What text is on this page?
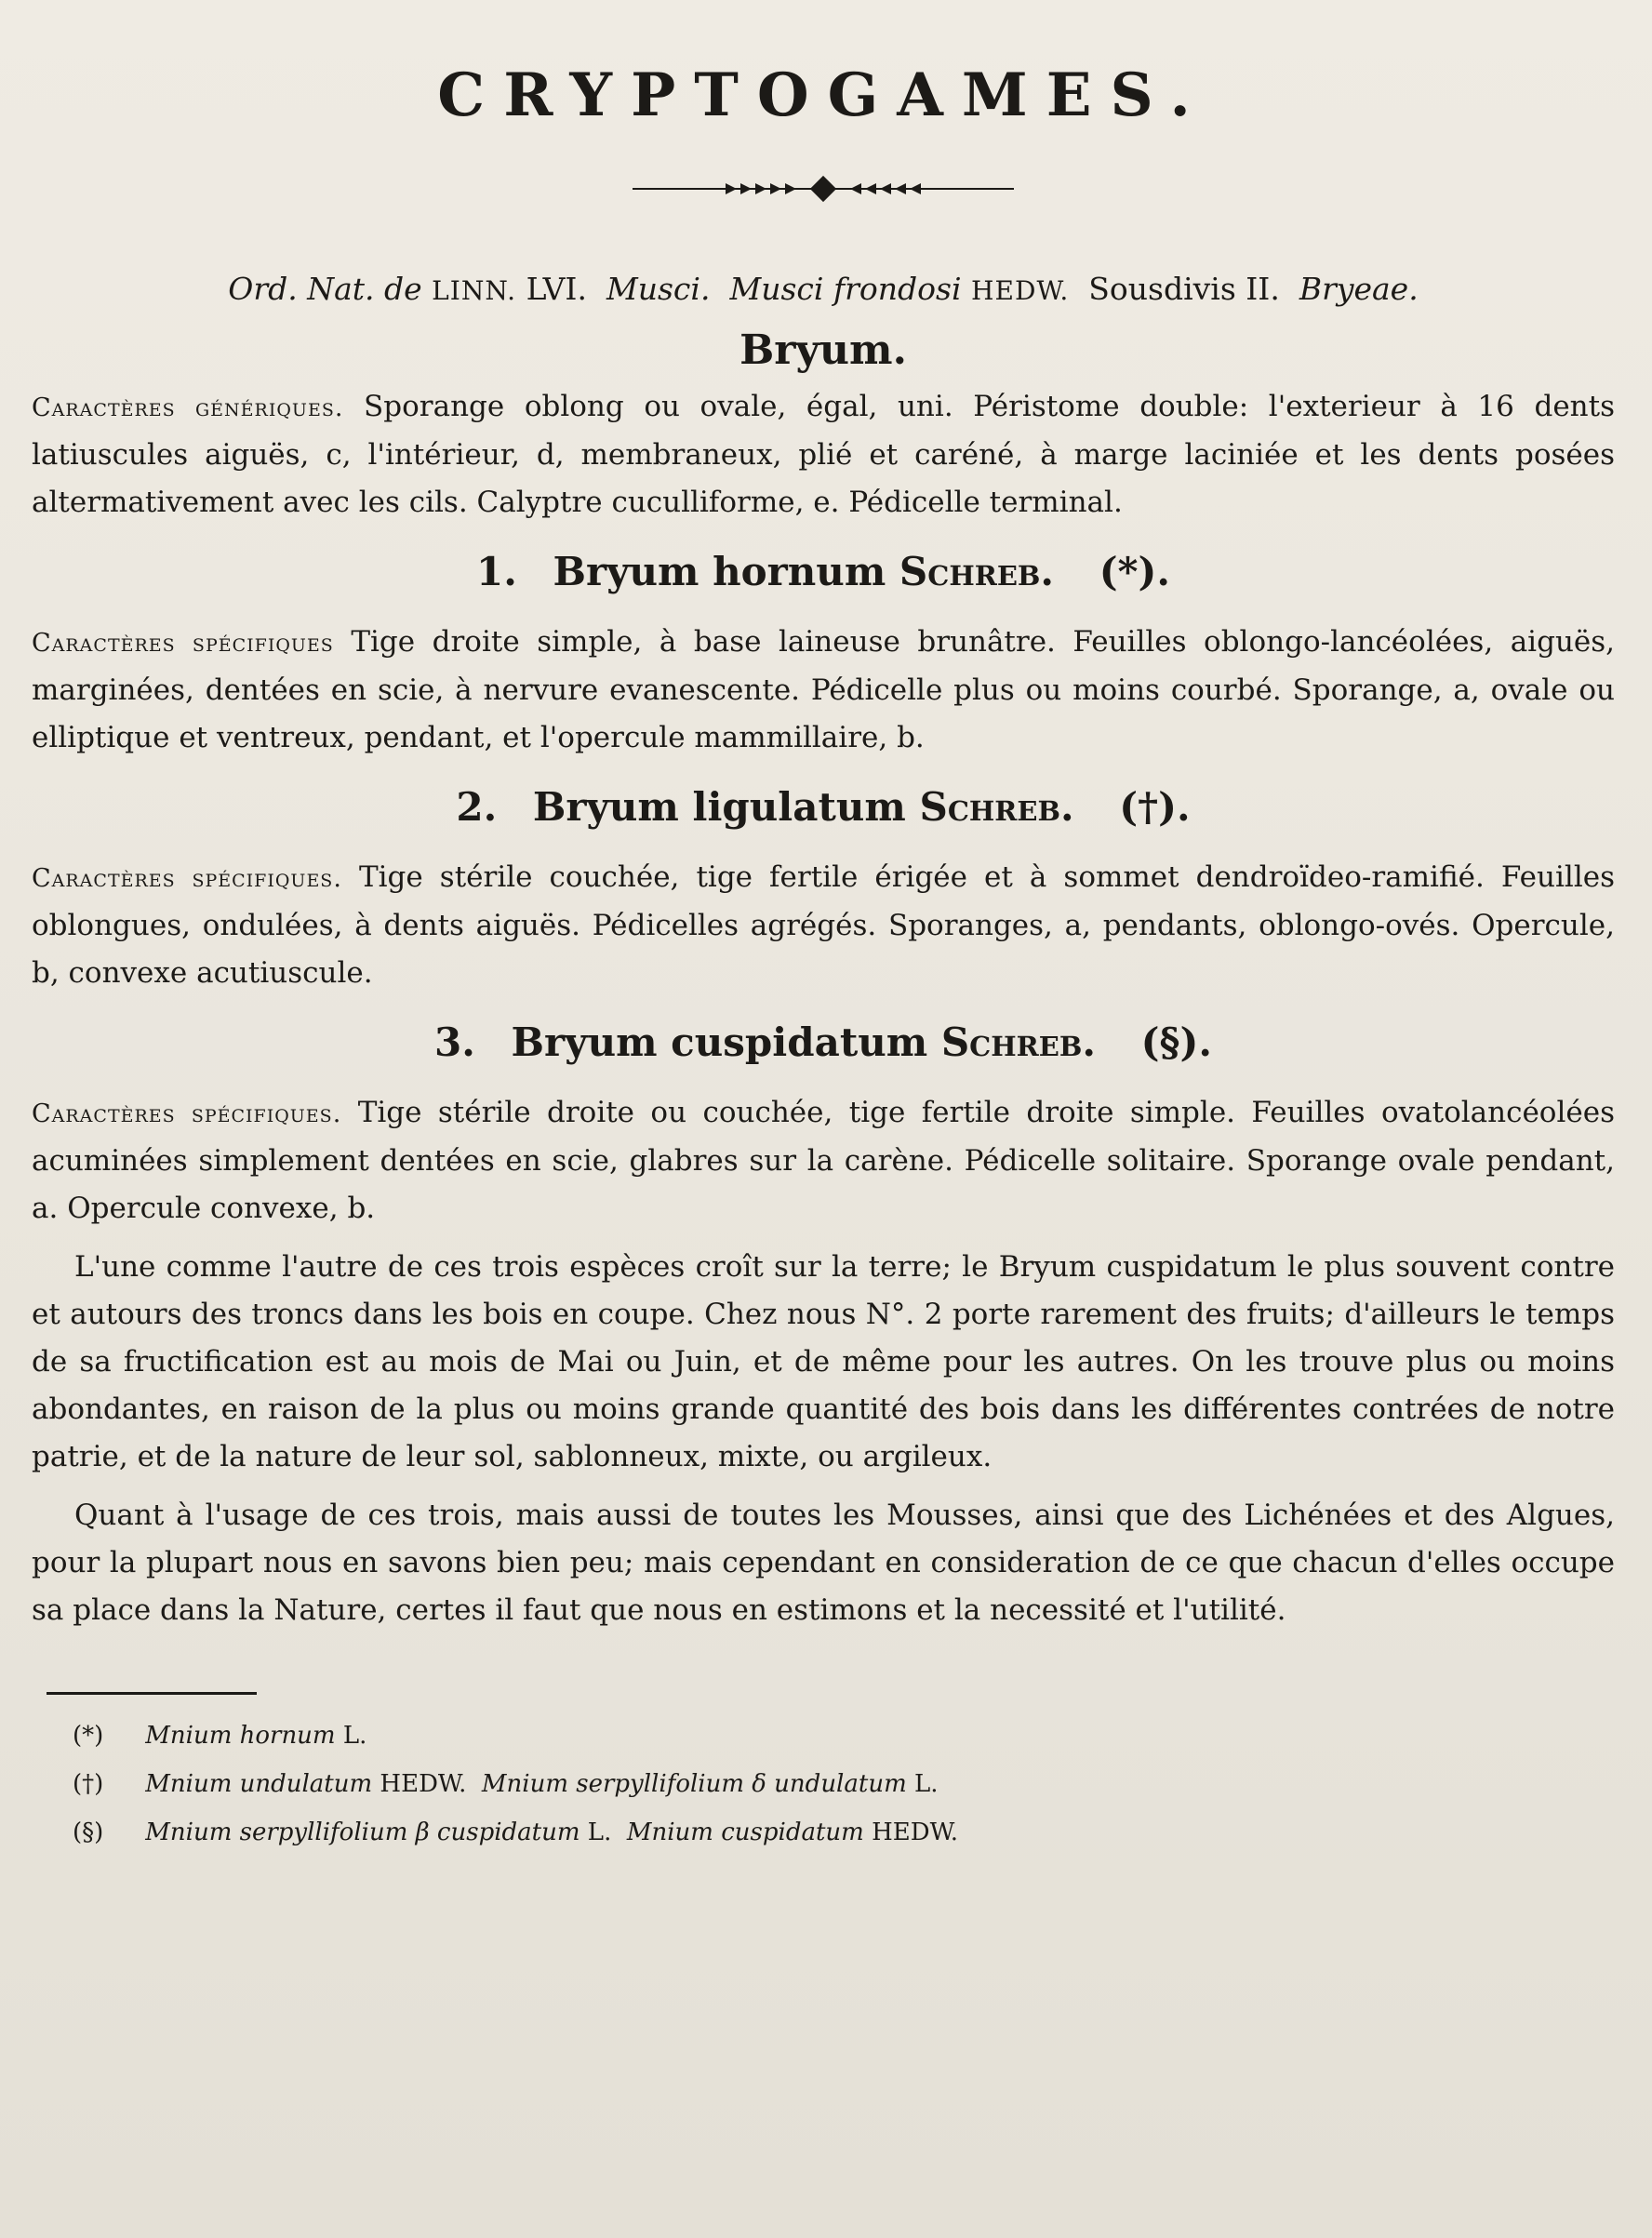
CRYPTOGAMES.
Ord. Nat. de LINN. LVI. Musci. Musci frondosi HEDW. Sousdivis II. Bryeae.
Bryum.

Caractères génériques. Sporange oblong ou ovale, égal, uni. Péristome double: l'exterieur à 16 dents latiuscules aiguës, c, l'intérieur, d, membraneux, plié et caréné, à marge laciniée et les dents posées altermativement avec les cils. Calyptre cuculliforme, e. Pédicelle terminal.

1. Bryum hornum Schreb. (*).

Caractères spécifiques Tige droite simple, à base laineuse brunâtre. Feuilles oblongo-lancéolées, aiguës, marginées, dentées en scie, à nervure evanescente. Pédicelle plus ou moins courbé. Sporange, a, ovale ou elliptique et ventreux, pendant, et l'opercule mammillaire, b.

2. Bryum ligulatum Schreb. (†).

Caractères spécifiques. Tige stérile couchée, tige fertile érigée et à sommet dendroïdeo-ramifié. Feuilles oblongues, ondulées, à dents aiguës. Pédicelles agrégés. Sporanges, a, pendants, oblongo-ovés. Opercule, b, convexe acutiuscule.

3. Bryum cuspidatum Schreb. (§).

Caractères spécifiques. Tige stérile droite ou couchée, tige fertile droite simple. Feuilles ovatolancéolées acuminées simplement dentées en scie, glabres sur la carène. Pédicelle solitaire. Sporange ovale pendant, a. Opercule convexe, b.

L'une comme l'autre de ces trois espèces croît sur la terre; le Bryum cuspidatum le plus souvent contre et autours des troncs dans les bois en coupe. Chez nous N°. 2 porte rarement des fruits; d'ailleurs le temps de sa fructification est au mois de Mai ou Juin, et de même pour les autres. On les trouve plus ou moins abondantes, en raison de la plus ou moins grande quantité des bois dans les différentes contrées de notre patrie, et de la nature de leur sol, sablonneux, mixte, ou argileux.

Quant à l'usage de ces trois, mais aussi de toutes les Mousses, ainsi que des Lichénées et des Algues, pour la plupart nous en savons bien peu; mais cependant en consideration de ce que chacun d'elles occupe sa place dans la Nature, certes il faut que nous en estimons et la necessité et l'utilité.

(*) Mnium hornum L.
(†) Mnium undulatum HEDW. Mnium serpyllifolium δ undulatum L.
(§) Mnium serpyllifolium β cuspidatum L. Mnium cuspidatum HEDW.
